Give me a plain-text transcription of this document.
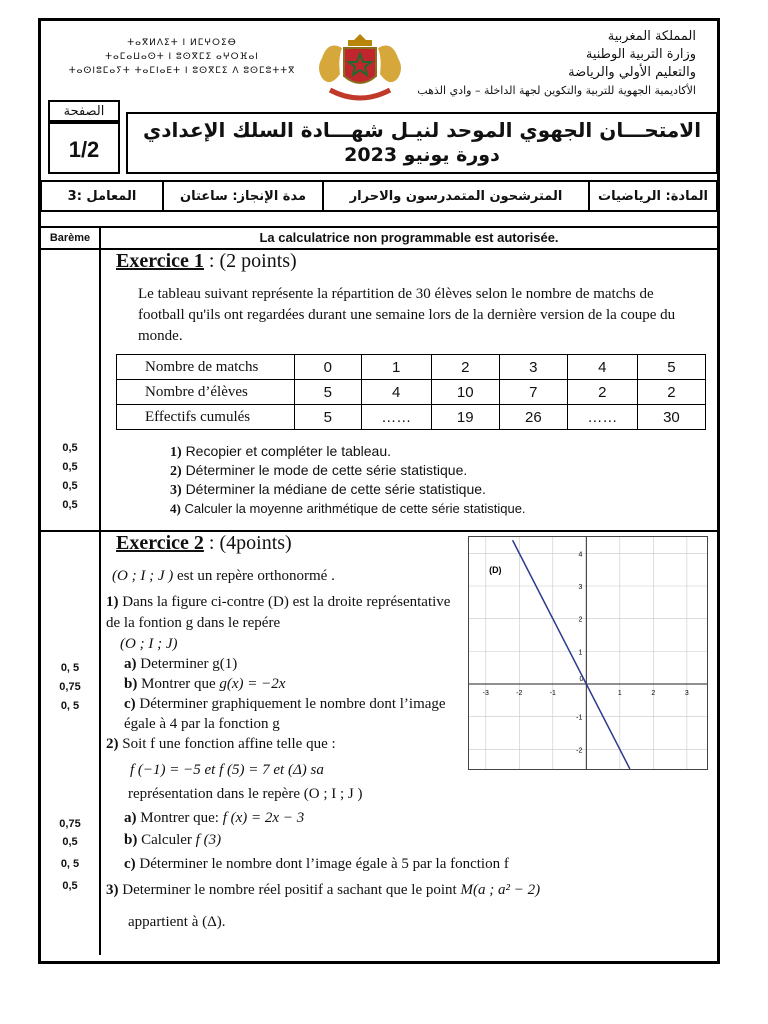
ⵜⴰⴳⵍⴷⵉⵜ ⵏ ⵍⵎⵖⵔⵉⴱ
ⵜⴰⵎⴰⵡⴰⵙⵜ ⵏ ⵓⵙⴳⵎⵉ ⴰⵖⵔⴼⴰⵏ
ⵜⴰⵙⵏⵓⵎⴰⵢⵜ ⵜⴰⵎⵏⴰⴹⵜ ⵏ ⵓⵙⴳⵎⵉ ⴷ ⵓⵙⵎⵓⵜⵜⴳ
المملكة المغربية
وزارة التربية الوطنية
والتعليم الأولي والرياضة
الأكاديمية الجهوية للتربية والتكوين لجهة الداخلة – وادي الذهب
الصفحة
1/2
الامتحـــان الجهوي الموحد لنيـل شهـــادة السلك الإعدادي
دورة يونيو 2023
المادة: الرياضيات
المترشحون المتمدرسون والاحرار
مدة الإنجاز: ساعتان
المعامل :3
Barème	La calculatrice non programmable est autorisée.
Exercice 1 : (2 points)
Le tableau suivant représente la répartition de 30 élèves selon le nombre de matchs de football qu'ils ont regardées durant une semaine lors de la dernière version de la coupe du monde.
Nombre de matchs	0	1	2	3	4	5
Nombre d’élèves	5	4	10	7	2	2
Effectifs cumulés	5	……	19	26	……	30
0,5	1) Recopier et compléter le tableau.
0,5	2) Déterminer le mode de cette série statistique.
0,5	3) Déterminer la médiane de cette série statistique.
0,5	4) Calculer la moyenne arithmétique de cette série statistique.
Exercice 2 : (4points)
(O ; I ; J ) est un repère orthonormé .
1) Dans la figure ci-contre (D) est la droite représentative de la fontion g dans le repére
(O ; I ; J)
0, 5	a) Determiner g(1)
0,75	b) Montrer que g(x) = −2x
0, 5	c) Déterminer graphiquement le nombre dont l’image égale à 4 par la fonction g
2) Soit f une fonction affine telle que :
f (−1) = −5 et f (5) = 7 et (Δ) sa
représentation dans le repère (O ; I ; J )
0,75	a) Montrer que: f (x) = 2x − 3
0,5	b) Calculer f (3)
0, 5	c) Déterminer le nombre dont l’image égale à 5 par la fonction f
0,5	3) Determiner le nombre réel positif a sachant que le point M(a ; a² − 2)
appartient à (Δ).
-3	-2	-1	1	2	3
4
3
2
1
-1
-2
0
(D)
